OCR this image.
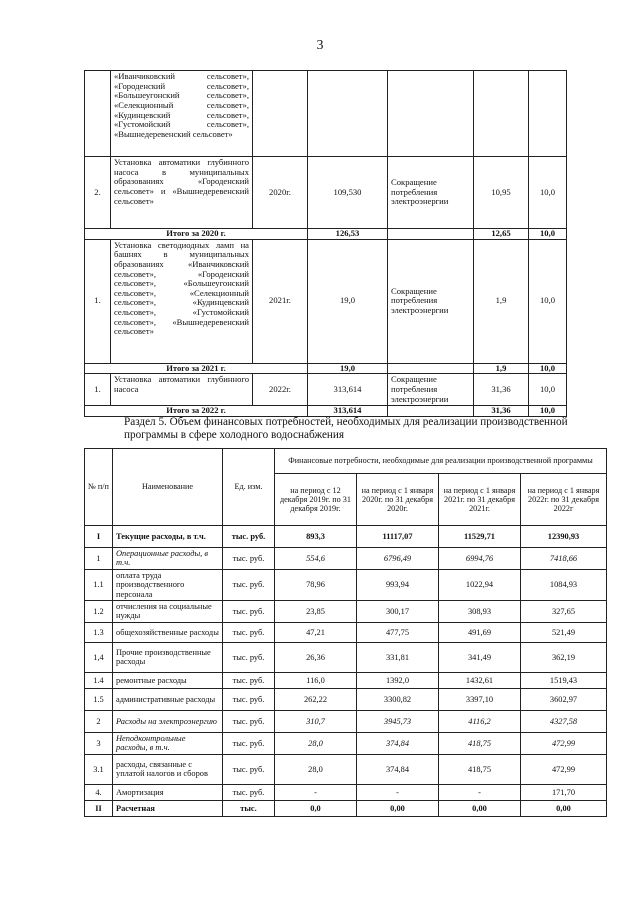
3
	«Иванчиковский сельсовет», «Городенский сельсовет», «Большеугонский сельсовет», «Селекционный сельсовет», «Кудинцевский сельсовет», «Густомойский сельсовет», «Вышнедеревенский сельсовет»					
2.	Установка автоматики глубинного насоса в муниципальных образованиях «Городенский сельсовет» и «Вышнедеревенский сельсовет»	2020г.	109,530	Сокращение потребления электроэнергии	10,95	10,0
Итого за 2020 г.			126,53		12,65	10,0
1.	Установка светодиодных ламп на башнях в муниципальных образованиях «Иванчиковский сельсовет», «Городенский сельсовет», «Большеугонский сельсовет», «Селекционный сельсовет», «Кудинцевский сельсовет», «Густомойский сельсовет», «Вышнедеревенский сельсовет»	2021г.	19,0	Сокращение потребления электроэнергии	1,9	10,0
Итого за 2021 г.			19,0		1,9	10,0
1.	Установка автоматики глубинного насоса	2022г.	313,614	Сокращение потребления электроэнергии	31,36	10,0
Итого за 2022 г.			313,614		31,36	10,0
Раздел 5. Объем финансовых потребностей, необходимых для реализации производственной программы в сфере холодного водоснабжения
№ п/п	Наименование	Ед. изм.	Финансовые потребности, необходимые для реализации производственной программы			
			на период с 12 декабря 2019г. по 31 декабря 2019г.	на период с 1 января 2020г. по 31 декабря 2020г.	на период с 1 января 2021г. по 31 декабря 2021г.	на период с 1 января 2022г. по 31 декабря 2022г
I	Текущие расходы, в т.ч.	тыс. руб.	893,3	11117,07	11529,71	12390,93
1	Операционные расходы, в т.ч.	тыс. руб.	554,6	6796,49	6994,76	7418,66
1.1	оплата труда производственного персонала	тыс. руб.	78,96	993,94	1022,94	1084,93
1.2	отчисления на социальные нужды	тыс. руб.	23,85	300,17	308,93	327,65
1.3	общехозяйственные расходы	тыс. руб.	47,21	477,75	491,69	521,49
1,4	Прочие производственные расходы	тыс. руб.	26,36	331,81	341,49	362,19
1.4	ремонтные расходы	тыс. руб.	116,0	1392,0	1432,61	1519,43
1.5	административные расходы	тыс. руб.	262,22	3300,82	3397,10	3602,97
2	Расходы на электроэнергию	тыс. руб.	310,7	3945,73	4116,2	4327,58
3	Неподконтрольные расходы, в т.ч.	тыс. руб.	28,0	374,84	418,75	472,99
3.1	расходы, связанные с уплатой налогов и сборов	тыс. руб.	28,0	374,84	418,75	472,99
4.	Амортизация	тыс. руб.	-	-	-	171,70
II	Расчетная	тыс.	0,0	0,00	0,00	0,00
